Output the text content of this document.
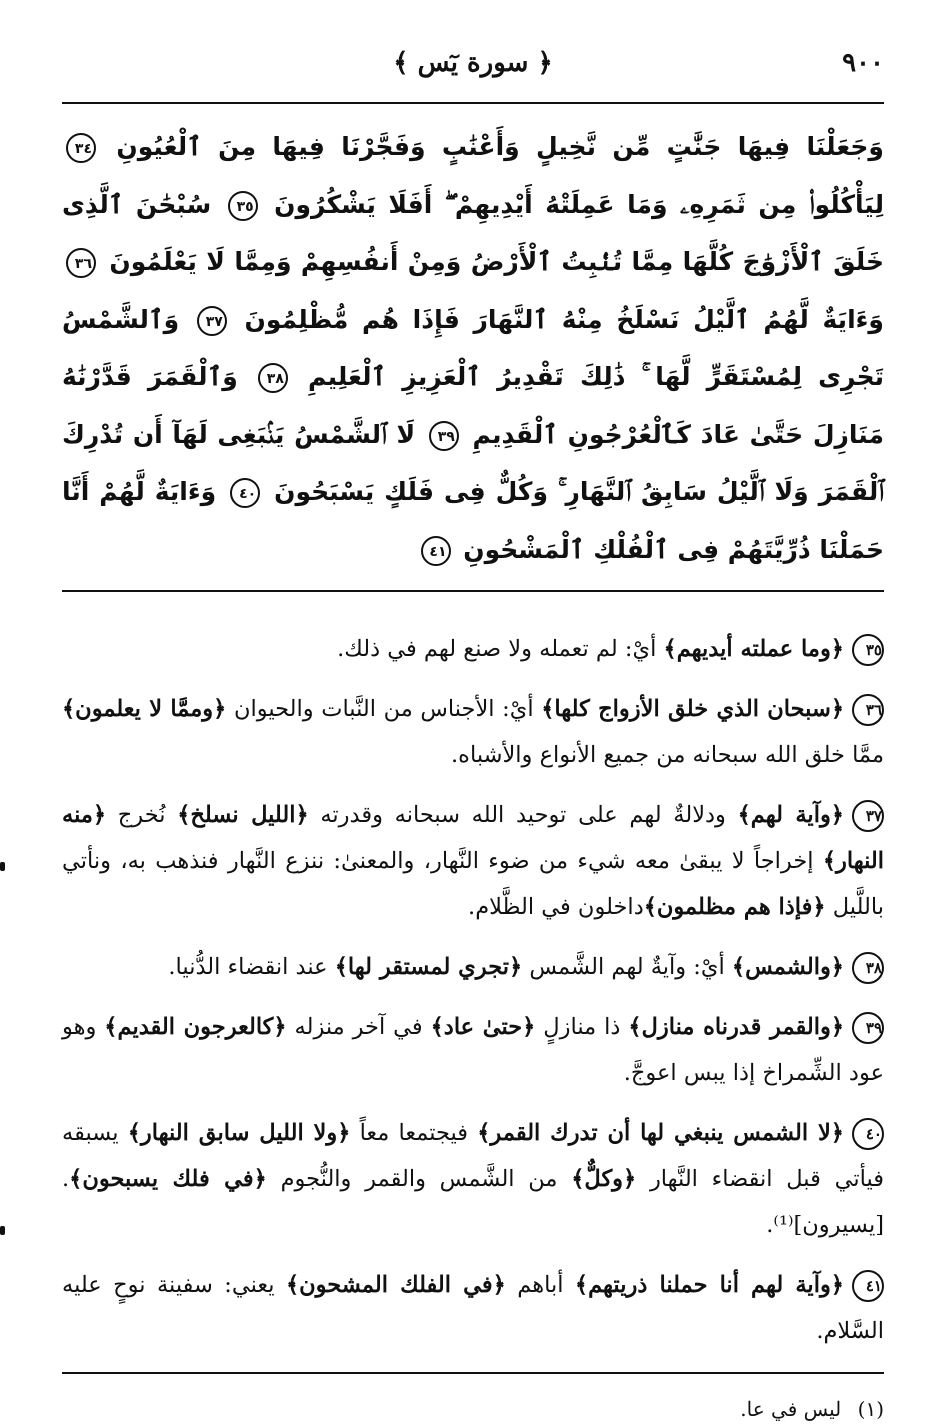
٩٠٠
﴿ سورة يٓس ﴾
وَجَعَلْنَا فِيهَا جَنَّٰتٍ مِّن نَّخِيلٍ وَأَعْنَٰبٍ وَفَجَّرْنَا فِيهَا مِنَ ٱلْعُيُونِ ٣٤ لِيَأْكُلُوا۟ مِن ثَمَرِهِۦ وَمَا عَمِلَتْهُ أَيْدِيهِمْ ۖ أَفَلَا يَشْكُرُونَ ٣٥ سُبْحَٰنَ ٱلَّذِى خَلَقَ ٱلْأَزْوَٰجَ كُلَّهَا مِمَّا تُنۢبِتُ ٱلْأَرْضُ وَمِنْ أَنفُسِهِمْ وَمِمَّا لَا يَعْلَمُونَ ٣٦ وَءَايَةٌ لَّهُمُ ٱلَّيْلُ نَسْلَخُ مِنْهُ ٱلنَّهَارَ فَإِذَا هُم مُّظْلِمُونَ ٣٧ وَٱلشَّمْسُ تَجْرِى لِمُسْتَقَرٍّ لَّهَا ۚ ذَٰلِكَ تَقْدِيرُ ٱلْعَزِيزِ ٱلْعَلِيمِ ٣٨ وَٱلْقَمَرَ قَدَّرْنَٰهُ مَنَازِلَ حَتَّىٰ عَادَ كَٱلْعُرْجُونِ ٱلْقَدِيمِ ٣٩ لَا ٱلشَّمْسُ يَنۢبَغِى لَهَآ أَن تُدْرِكَ ٱلْقَمَرَ وَلَا ٱلَّيْلُ سَابِقُ ٱلنَّهَارِ ۚ وَكُلٌّ فِى فَلَكٍ يَسْبَحُونَ ٤٠ وَءَايَةٌ لَّهُمْ أَنَّا حَمَلْنَا ذُرِّيَّتَهُمْ فِى ٱلْفُلْكِ ٱلْمَشْحُونِ ٤١
٣٥﴿وما عملته أيديهم﴾ أيْ: لم تعمله ولا صنع لهم في ذلك.
٣٦﴿سبحان الذي خلق الأزواج كلها﴾ أيْ: الأجناس من النَّبات والحيوان ﴿وممَّا لا يعلمون﴾ ممَّا خلق الله سبحانه من جميع الأنواع والأشباه.
٣٧﴿وآية لهم﴾ ودلالةٌ لهم على توحيد الله سبحانه وقدرته ﴿الليل نسلخ﴾ نُخرج ﴿منه النهار﴾ إخراجاً لا يبقىٰ معه شيء من ضوء النَّهار، والمعنىٰ: ننزع النَّهار فنذهب به، ونأتي باللَّيل ﴿فإذا هم مظلمون﴾داخلون في الظَّلام.
٣٨﴿والشمس﴾ أيْ: وآيةٌ لهم الشَّمس ﴿تجري لمستقر لها﴾ عند انقضاء الدُّنيا.
٣٩﴿والقمر قدرناه منازل﴾ ذا منازلٍ ﴿حتىٰ عاد﴾ في آخر منزله ﴿كالعرجون القديم﴾ وهو عود الشِّمراخ إذا يبس اعوجَّ.
٤٠﴿لا الشمس ينبغي لها أن تدرك القمر﴾ فيجتمعا معاً ﴿ولا الليل سابق النهار﴾ يسبقه فيأتي قبل انقضاء النَّهار ﴿وكلٌّ﴾ من الشَّمس والقمر والنُّجوم ﴿في فلك يسبحون﴾. [يسيرون]⁽¹⁾.
٤١﴿وآية لهم أنا حملنا ذريتهم﴾ أباهم ﴿في الفلك المشحون﴾ يعني: سفينة نوحٍ عليه السَّلام.
(١) ليس في عا.
